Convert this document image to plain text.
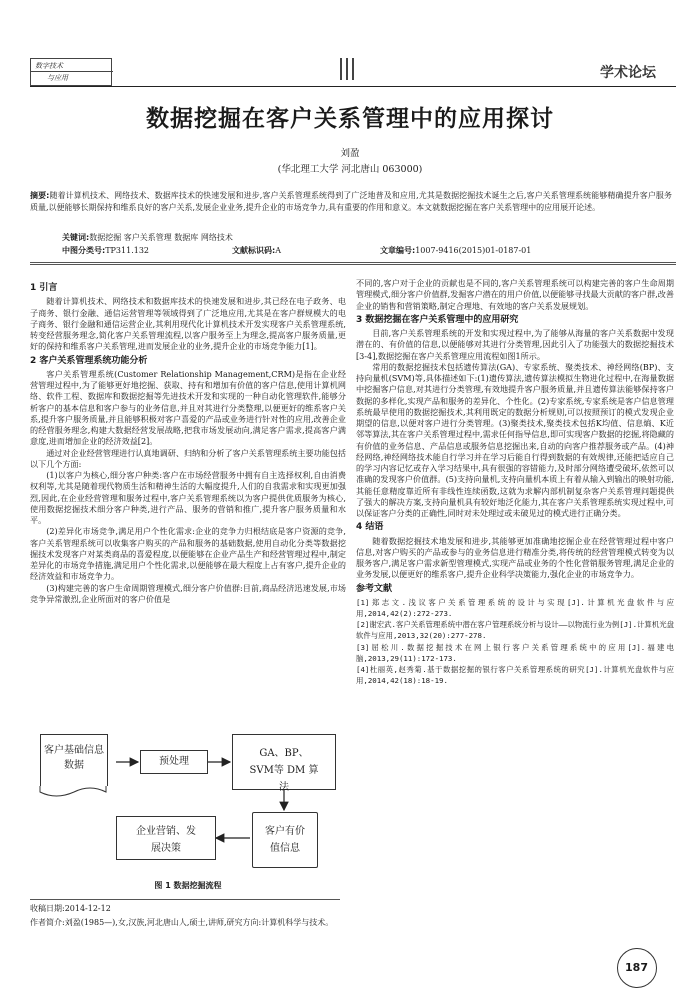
数字技术
与应用	学术论坛
数据挖掘在客户关系管理中的应用探讨
刘盈
(华北理工大学 河北唐山 063000)
摘要:随着计算机技术、网络技术、数据库技术的快速发展和进步,客户关系管理系统得到了广泛地普及和应用,尤其是数据挖掘技术诞生之后,客户关系管理系统能够精确提升客户服务质量,以便能够长期保持和维系良好的客户关系,发展企业业务,提升企业的市场竞争力,具有重要的作用和意义。本文就数据挖掘在客户关系管理中的应用展开论述。
关键词:数据挖掘 客户关系管理 数据库 网络技术
中图分类号:TP311.132	文献标识码:A	文章编号:1007-9416(2015)01-0187-01
1 引言

随着计算机技术、网络技术和数据库技术的快速发展和进步,其已经在电子政务、电子商务、银行金融、通信运营管理等领域得到了广泛地应用,尤其是在客户群规模大的电子商务、银行金融和通信运营企业,其利用现代化计算机技术开发实现客户关系管理系统,转变经营服务理念,简化客户关系管理流程,以客户服务至上为理念,提高客户服务质量,更好的保持和维系客户关系管理,进而发展企业的业务,提升企业的市场竞争能力[1]。

2 客户关系管理系统功能分析

客户关系管理系统(Customer Relationship Management,CRM)是指在企业经营管理过程中,为了能够更好地挖掘、获取、持有和增加有价值的客户信息,使用计算机网络、软件工程、数据库和数据挖掘等先进技术开发和实现的一种自动化管理软件,能够分析客户的基本信息和客户参与的业务信息,并且对其进行分类整理,以便更好的维系客户关系,提升客户服务质量,并且能够积极对客户喜爱的产品或业务进行针对性的应用,改善企业的经营服务理念,构建大数据经营发展战略,把我市场发展动向,满足客户需求,提高客户满意度,进而增加企业的经济效益[2]。

通过对企业经营管理进行认真地调研、归纳和分析了客户关系管理系统主要功能包括以下几个方面:

(1)以客户为核心,细分客户种类:客户在市场经营服务中拥有自主选择权利,自由消费权利等,尤其是随着现代物质生活和精神生活的大幅度提升,人们的自我需求和实现更加强烈,因此,在企业经营管理和服务过程中,客户关系管理系统以为客户提供优质服务为核心,使用数据挖掘技术细分客户种类,进行产品、服务的营销和推广,提升客户服务质量和水平。

(2)差异化市场竞争,满足用户个性化需求:企业的竞争力归根结底是客户资源的竞争,客户关系管理系统可以收集客户购买的产品和服务的基础数据,使用自动化分类等数据挖掘技术发现客户对某类商品的喜爱程度,以便能够在企业产品生产和经营管理过程中,制定差异化的市场竞争措施,满足用户个性化需求,以便能够在最大程度上占有客户,提升企业的经济效益和市场竞争力。

(3)构建完善的客户生命周期管理模式,细分客户价值群:目前,商品经济迅速发展,市场竞争异常激烈,企业所面对的客户价值是

客户基础信息数据	预处理
GA、BP、SVM等 DM 算法
企业营销、发展决策
客户有价值信息
图 1 数据挖掘流程

不同的,客户对于企业的贡献也是不同的,客户关系管理系统可以构建完善的客户生命周期管理模式,细分客户价值群,发掘客户潜在的用户价值,以便能够寻找最大贡献的客户群,改善企业的销售和营销策略,制定合理地、有效地的客户关系发展规划。

3 数据挖掘在客户关系管理中的应用研究

目前,客户关系管理系统的开发和实现过程中,为了能够从海量的客户关系数据中发现潜在的、有价值的信息,以便能够对其进行分类管理,因此引入了功能强大的数据挖掘技术[3-4],数据挖掘在客户关系管理应用流程如图1所示。

常用的数据挖掘技术包括遗传算法(GA)、专家系统、聚类技术、神经网络(BP)、支持向量机(SVM)等,具体描述如下:(1)遗传算法,遗传算法模拟生物进化过程中,在海量数据中挖掘客户信息,对其进行分类管理,有效地提升客户服务质量,并且遗传算法能够保持客户数据的多样化,实现产品和服务的差异化、个性化。(2)专家系统,专家系统是客户信息管理系统最早使用的数据挖掘技术,其利用既定的数据分析规则,可以按照预订的模式发现企业期望的信息,以便对客户进行分类管理。(3)聚类技术,聚类技术包括K均值、信息熵、K近邻等算法,其在客户关系管理过程中,需求任何指导信息,即可实现客户数据的挖掘,将隐藏的有价值的业务信息、产品信息或服务信息挖掘出来,自动的向客户推荐服务或产品。(4)神经网络,神经网络技术能自行学习并在学习后能自行得到数据的有效规律,还能把适应自己的学习内容记忆或存入学习结果中,具有很强的容错能力,及时部分网络遭受破坏,依然可以准确的发现客户价值群。(5)支持向量机,支持向量机本质上有着从输入到输出的映射功能,其能任意精度靠近所有非线性连续函数,这就为求解内部机制复杂客户关系管理问题提供了强大的解决方案,支持向量机具有较好地泛化能力,其在客户关系管理系统实现过程中,可以保证客户分类的正确性,同时对未处理过或未破见过的模式进行正确分类。

4 结语

随着数据挖掘技术地发展和进步,其能够更加准确地挖掘企业在经营管理过程中客户信息,对客户购买的产品或参与的业务信息进行精准分类,将传统的经营管理模式转变为以服务客户,满足客户需求新型管理模式,实现产品或业务的个性化营销服务管理,满足企业的业务发展,以便更好的维系客户,提升企业科学决策能力,强化企业的市场竞争力。

参考文献
[1]郑志文.浅议客户关系管理系统的设计与实现[J].计算机光盘软件与应用,2014,42(2):272-273.
[2]谢宏武.客户关系管理系统中潜在客户管理系统分析与设计——以物流行业为例[J].计算机光盘软件与应用,2013,32(20):277-278.
[3]屈松川.数据挖掘技术在网上银行客户关系管理系统中的应用[J].福建电脑,2013,29(11):172-173.
[4]杜丽英,赵秀菊.基于数据挖掘的银行客户关系管理系统的研究[J].计算机光盘软件与应用,2014,42(18):18-19.
收稿日期:2014-12-12
作者简介:刘盈(1985—),女,汉族,河北唐山人,硕士,讲师,研究方向:计算机科学与技术。
187
